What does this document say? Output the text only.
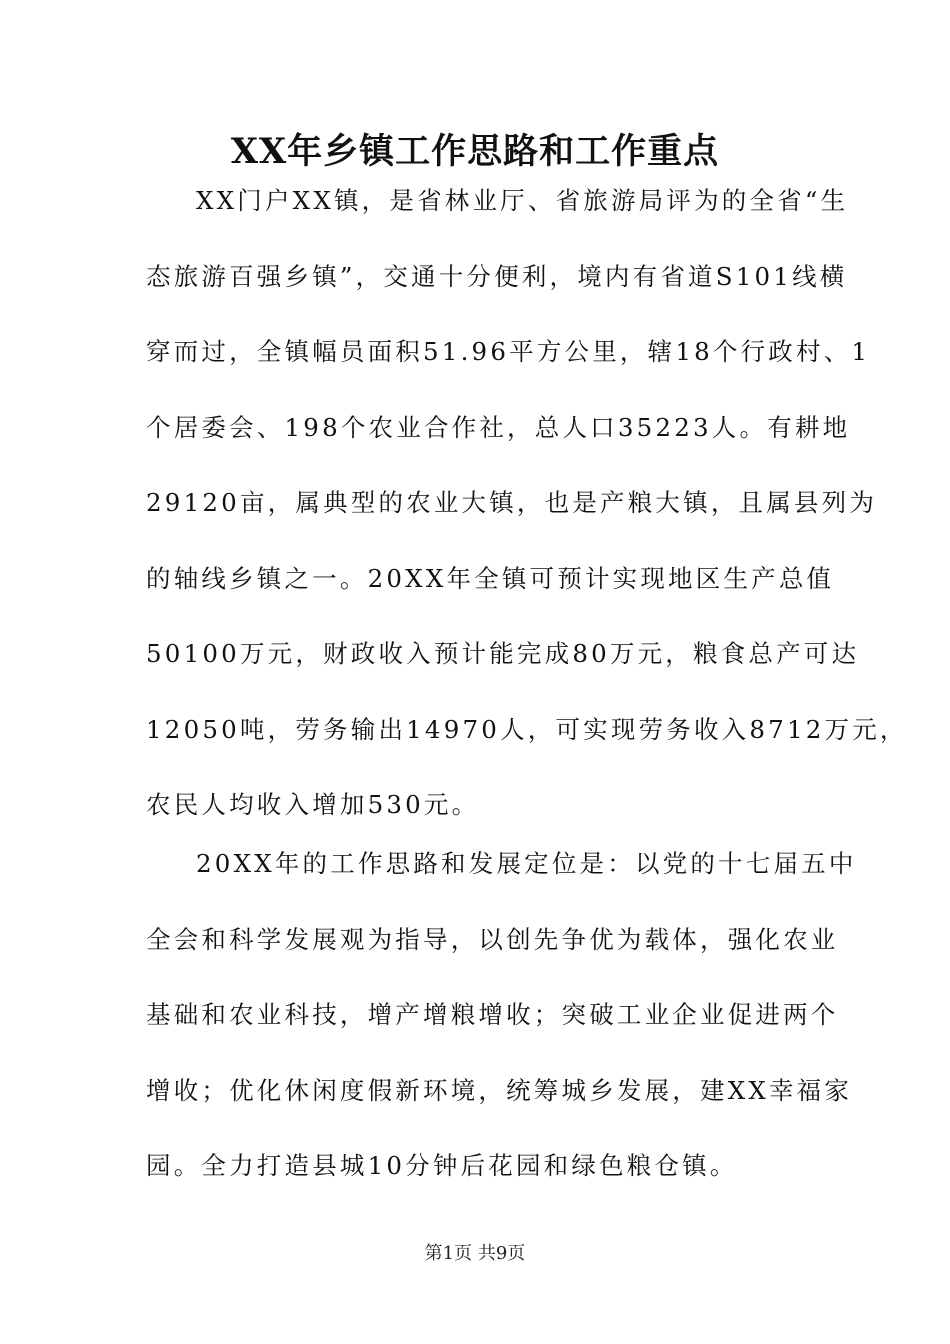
XX年乡镇工作思路和工作重点
XX门户XX镇，是省林业厅、省旅游局评为的全省“生
态旅游百强乡镇”，交通十分便利，境内有省道S101线横
穿而过，全镇幅员面积51.96平方公里，辖18个行政村、1
个居委会、198个农业合作社，总人口35223人。有耕地
29120亩，属典型的农业大镇，也是产粮大镇，且属县列为
的轴线乡镇之一。20XX年全镇可预计实现地区生产总值
50100万元，财政收入预计能完成80万元，粮食总产可达
12050吨，劳务输出14970人，可实现劳务收入8712万元，
农民人均收入增加530元。
20XX年的工作思路和发展定位是：以党的十七届五中
全会和科学发展观为指导，以创先争优为载体，强化农业
基础和农业科技，增产增粮增收；突破工业企业促进两个
增收；优化休闲度假新环境，统筹城乡发展，建XX幸福家
园。全力打造县城10分钟后花园和绿色粮仓镇。
第1页 共9页
